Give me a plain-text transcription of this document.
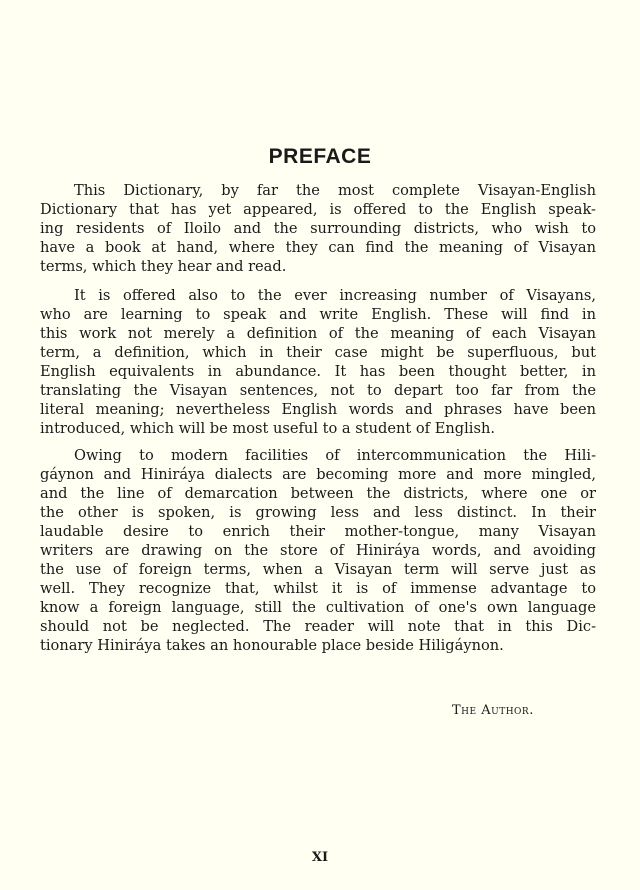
PREFACE
This Dictionary, by far the most complete Visayan-English
Dictionary that has yet appeared, is offered to the English speak-
ing residents of Iloilo and the surrounding districts, who wish to
have a book at hand, where they can find the meaning of Visayan
terms, which they hear and read.
It is offered also to the ever increasing number of Visayans,
who are learning to speak and write English. These will find in
this work not merely a definition of the meaning of each Visayan
term, a definition, which in their case might be superfluous, but
English equivalents in abundance. It has been thought better, in
translating the Visayan sentences, not to depart too far from the
literal meaning; nevertheless English words and phrases have been
introduced, which will be most useful to a student of English.
Owing to modern facilities of intercommunication the Hili-
gáynon and Hiniráya dialects are becoming more and more mingled,
and the line of demarcation between the districts, where one or
the other is spoken, is growing less and less distinct. In their
laudable desire to enrich their mother-tongue, many Visayan
writers are drawing on the store of Hiniráya words, and avoiding
the use of foreign terms, when a Visayan term will serve just as
well. They recognize that, whilst it is of immense advantage to
know a foreign language, still the cultivation of one's own language
should not be neglected. The reader will note that in this Dic-
tionary Hiniráya takes an honourable place beside Hiligáynon.
The Author.
XI
